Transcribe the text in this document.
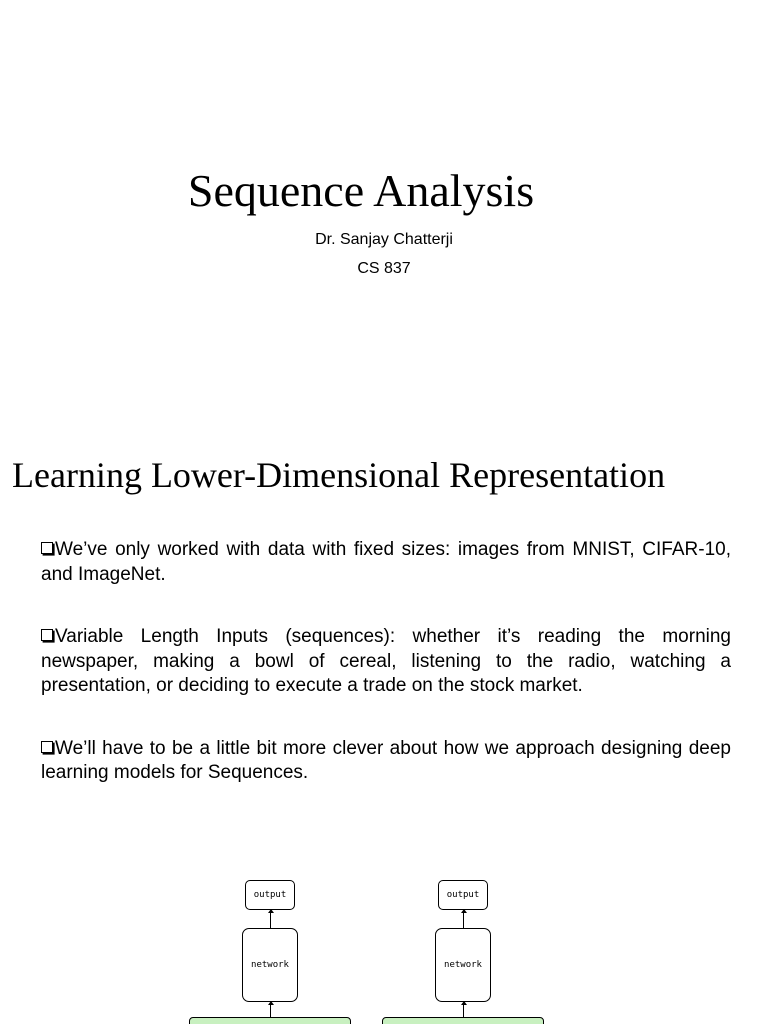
Sequence Analysis
Dr. Sanjay Chatterji
CS 837
Learning Lower-Dimensional Representation

We’ve only worked with data with fixed sizes: images from MNIST, CIFAR-10, and ImageNet.

Variable Length Inputs (sequences): whether it’s reading the morning newspaper, making a bowl of cereal, listening to the radio, watching a presentation, or deciding to execute a trade on the stock market.

We’ll have to be a little bit more clever about how we approach designing deep learning models for Sequences.

output
network
output
network
